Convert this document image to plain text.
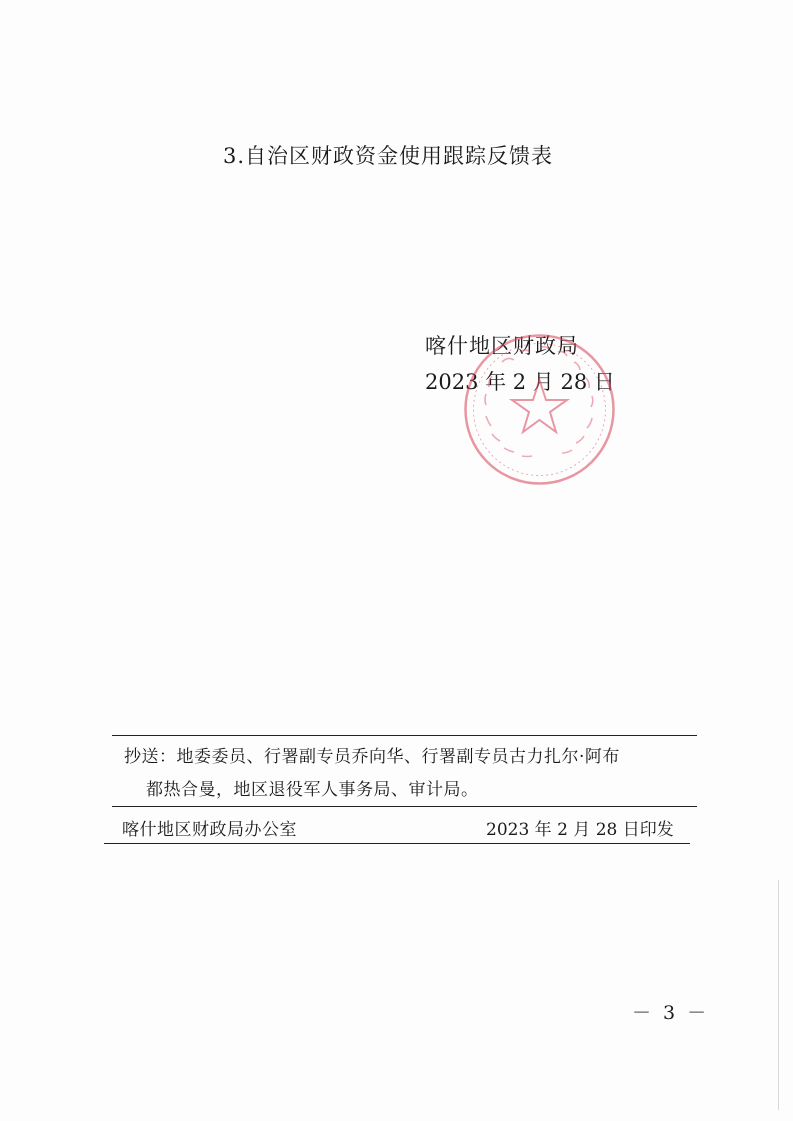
3.自治区财政资金使用跟踪反馈表
喀什地区财政局
2023 年 2 月 28 日
抄送：地委委员、行署副专员乔向华、行署副专员古力扎尔·阿布
都热合曼，地区退役军人事务局、审计局。
喀什地区财政局办公室	2023 年 2 月 28 日印发
－ 3 －
